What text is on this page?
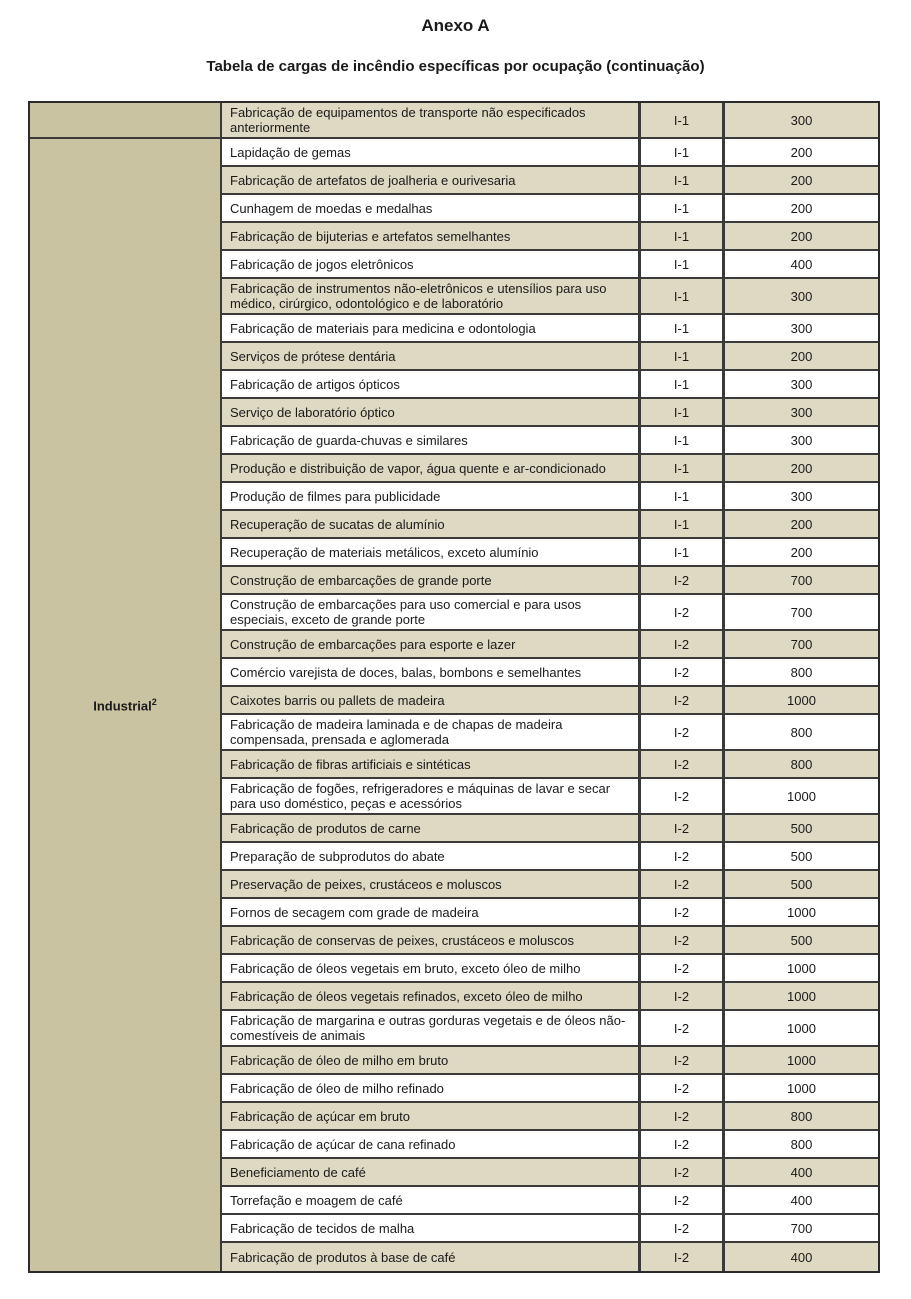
Anexo A
Tabela de cargas de incêndio específicas por ocupação (continuação)
Industrial$^2$
Fabricação de equipamentos de transporte não especificados anteriormente	I-1	300
Lapidação de gemas	I-1	200
Fabricação de artefatos de joalheria e ourivesaria	I-1	200
Cunhagem de moedas e medalhas	I-1	200
Fabricação de bijuterias e artefatos semelhantes	I-1	200
Fabricação de jogos eletrônicos	I-1	400
Fabricação de instrumentos não-eletrônicos e utensílios para uso médico, cirúrgico, odontológico e de laboratório	I-1	300
Fabricação de materiais para medicina e odontologia	I-1	300
Serviços de prótese dentária	I-1	200
Fabricação de artigos ópticos	I-1	300
Serviço de laboratório óptico	I-1	300
Fabricação de guarda-chuvas e similares	I-1	300
Produção e distribuição de vapor, água quente e ar-condicionado	I-1	200
Produção de filmes para publicidade	I-1	300
Recuperação de sucatas de alumínio	I-1	200
Recuperação de materiais metálicos, exceto alumínio	I-1	200
Construção de embarcações de grande porte	I-2	700
Construção de embarcações para uso comercial e para usos especiais, exceto de grande porte	I-2	700
Construção de embarcações para esporte e lazer	I-2	700
Comércio varejista de doces, balas, bombons e semelhantes	I-2	800
Caixotes barris ou pallets de madeira	I-2	1000
Fabricação de madeira laminada e de chapas de madeira compensada, prensada e aglomerada	I-2	800
Fabricação de fibras artificiais e sintéticas	I-2	800
Fabricação de fogões, refrigeradores e máquinas de lavar e secar para uso doméstico, peças e acessórios	I-2	1000
Fabricação de produtos de carne	I-2	500
Preparação de subprodutos do abate	I-2	500
Preservação de peixes, crustáceos e moluscos	I-2	500
Fornos de secagem com grade de madeira	I-2	1000
Fabricação de conservas de peixes, crustáceos e moluscos	I-2	500
Fabricação de óleos vegetais em bruto, exceto óleo de milho	I-2	1000
Fabricação de óleos vegetais refinados, exceto óleo de milho	I-2	1000
Fabricação de margarina e outras gorduras vegetais e de óleos não-comestíveis de animais	I-2	1000
Fabricação de óleo de milho em bruto	I-2	1000
Fabricação de óleo de milho refinado	I-2	1000
Fabricação de açúcar em bruto	I-2	800
Fabricação de açúcar de cana refinado	I-2	800
Beneficiamento de café	I-2	400
Torrefação e moagem de café	I-2	400
Fabricação de tecidos de malha	I-2	700
Fabricação de produtos à base de café	I-2	400
